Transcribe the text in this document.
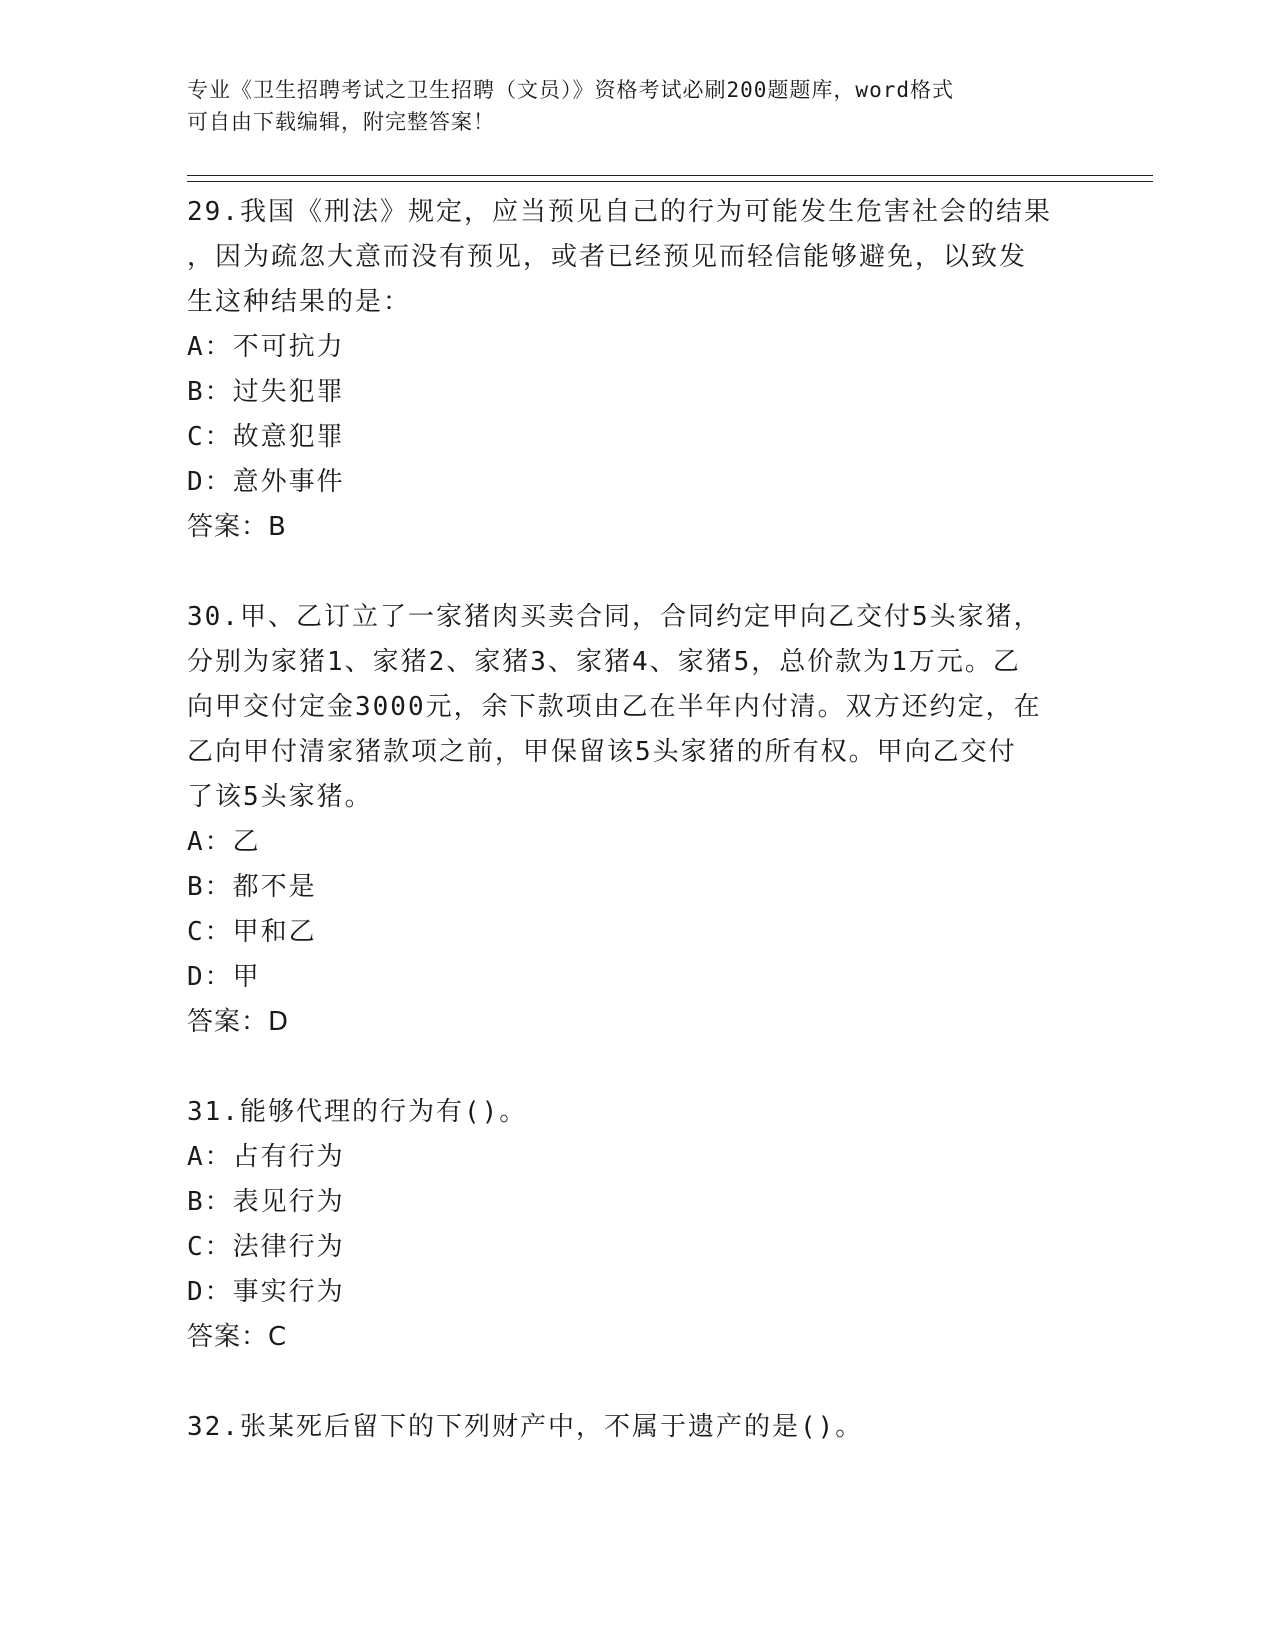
专业《卫生招聘考试之卫生招聘（文员）》资格考试必刷200题题库，word格式
可自由下载编辑，附完整答案！
29.我国《刑法》规定，应当预见自己的行为可能发生危害社会的结果
，因为疏忽大意而没有预见，或者已经预见而轻信能够避免，以致发
生这种结果的是：
A：不可抗力
B：过失犯罪
C：故意犯罪
D：意外事件
答案：B
30.甲、乙订立了一家猪肉买卖合同，合同约定甲向乙交付5头家猪，
分别为家猪1、家猪2、家猪3、家猪4、家猪5，总价款为1万元。乙
向甲交付定金3000元，余下款项由乙在半年内付清。双方还约定，在
乙向甲付清家猪款项之前，甲保留该5头家猪的所有权。甲向乙交付
了该5头家猪。
A：乙
B：都不是
C：甲和乙
D：甲
答案：D
31.能够代理的行为有()。
A：占有行为
B：表见行为
C：法律行为
D：事实行为
答案：C
32.张某死后留下的下列财产中，不属于遗产的是()。
